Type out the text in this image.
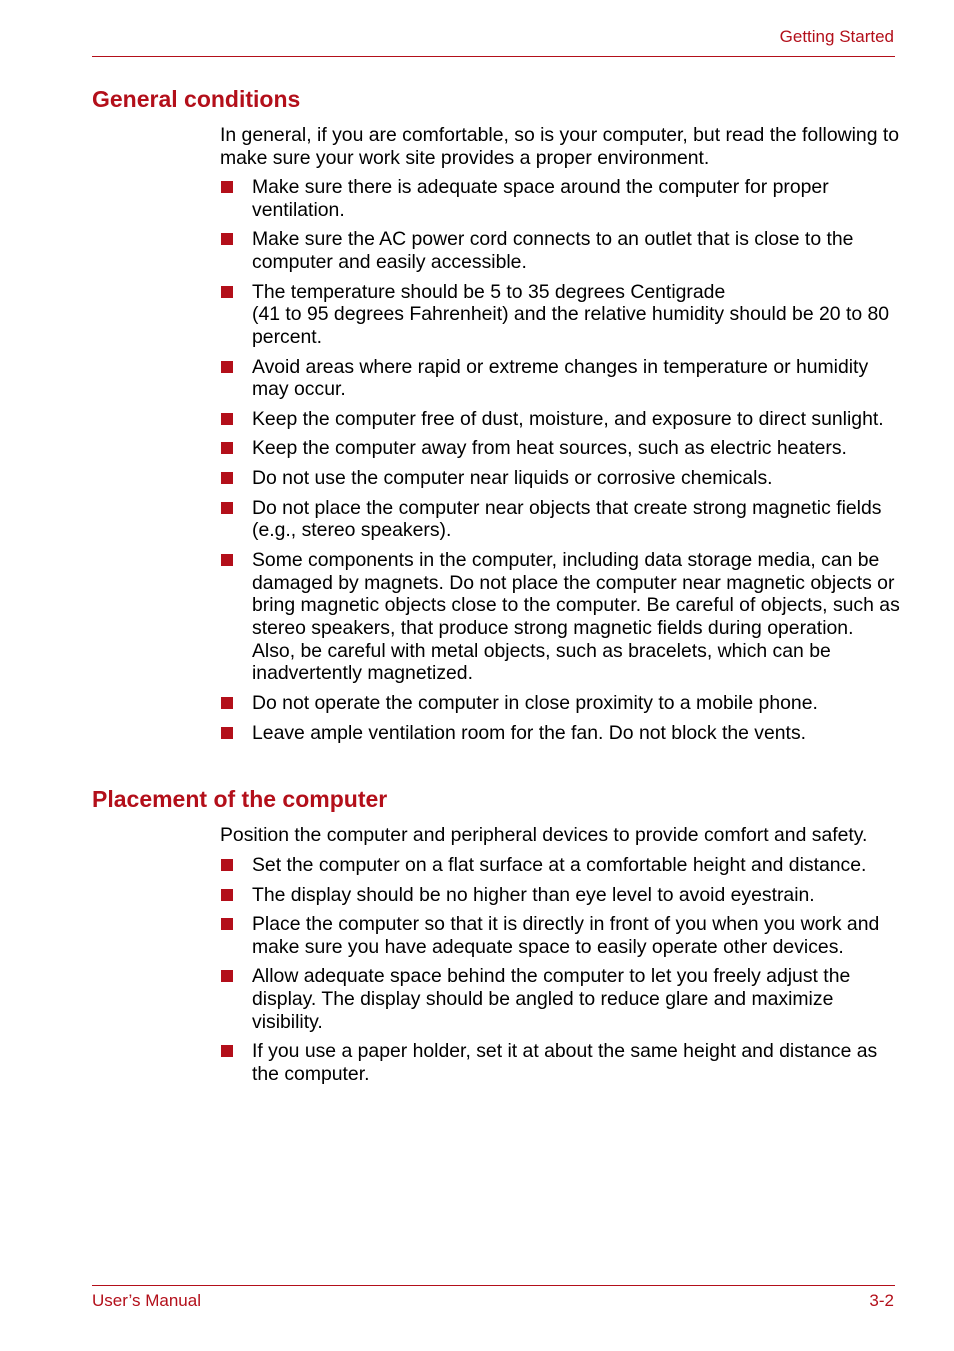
Getting Started
General conditions

In general, if you are comfortable, so is your computer, but read the following to make sure your work site provides a proper environment.

Make sure there is adequate space around the computer for proper ventilation.
Make sure the AC power cord connects to an outlet that is close to the computer and easily accessible.
The temperature should be 5 to 35 degrees Centigrade
(41 to 95 degrees Fahrenheit) and the relative humidity should be 20 to 80 percent.
Avoid areas where rapid or extreme changes in temperature or humidity may occur.
Keep the computer free of dust, moisture, and exposure to direct sunlight.
Keep the computer away from heat sources, such as electric heaters.
Do not use the computer near liquids or corrosive chemicals.
Do not place the computer near objects that create strong magnetic fields (e.g., stereo speakers).
Some components in the computer, including data storage media, can be damaged by magnets. Do not place the computer near magnetic objects or bring magnetic objects close to the computer. Be careful of objects, such as stereo speakers, that produce strong magnetic fields during operation. Also, be careful with metal objects, such as bracelets, which can be inadvertently magnetized.
Do not operate the computer in close proximity to a mobile phone.
Leave ample ventilation room for the fan. Do not block the vents.
Placement of the computer

Position the computer and peripheral devices to provide comfort and safety.

Set the computer on a flat surface at a comfortable height and distance.
The display should be no higher than eye level to avoid eyestrain.
Place the computer so that it is directly in front of you when you work and make sure you have adequate space to easily operate other devices.
Allow adequate space behind the computer to let you freely adjust the display. The display should be angled to reduce glare and maximize visibility.
If you use a paper holder, set it at about the same height and distance as the computer.
User’s Manual	3-2
